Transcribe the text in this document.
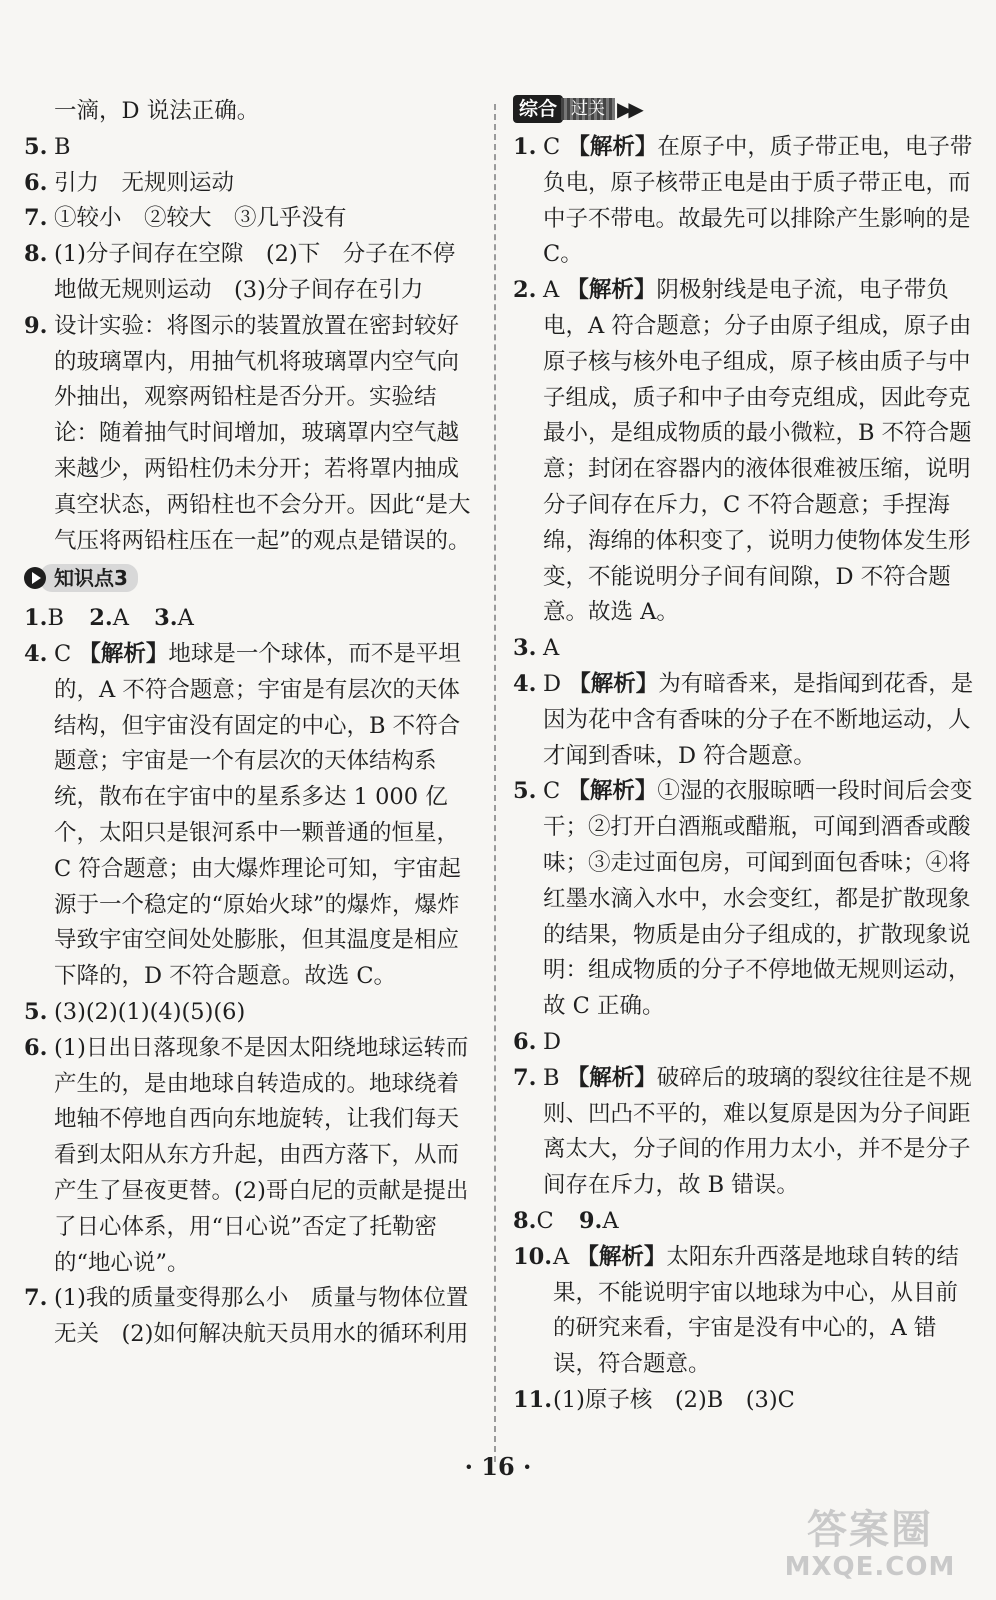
一滴，D 说法正确。
5. B
6. 引力　无规则运动
7. ①较小　②较大　③几乎没有
8. (1)分子间存在空隙　(2)下　分子在不停地做无规则运动　(3)分子间存在引力
9. 设计实验：将图示的装置放置在密封较好的玻璃罩内，用抽气机将玻璃罩内空气向外抽出，观察两铅柱是否分开。实验结论：随着抽气时间增加，玻璃罩内空气越来越少，两铅柱仍未分开；若将罩内抽成真空状态，两铅柱也不会分开。因此“是大气压将两铅柱压在一起”的观点是错误的。
知识点3
1.B 2.A 3.A
4. C 【解析】地球是一个球体，而不是平坦的，A 不符合题意；宇宙是有层次的天体结构，但宇宙没有固定的中心，B 不符合题意；宇宙是一个有层次的天体结构系统，散布在宇宙中的星系多达 1 000 亿个，太阳只是银河系中一颗普通的恒星，C 符合题意；由大爆炸理论可知，宇宙起源于一个稳定的“原始火球”的爆炸，爆炸导致宇宙空间处处膨胀，但其温度是相应下降的，D 不符合题意。故选 C。
5. (3)(2)(1)(4)(5)(6)
6. (1)日出日落现象不是因太阳绕地球运转而产生的，是由地球自转造成的。地球绕着地轴不停地自西向东地旋转，让我们每天看到太阳从东方升起，由西方落下，从而产生了昼夜更替。(2)哥白尼的贡献是提出了日心体系，用“日心说”否定了托勒密的“地心说”。
7. (1)我的质量变得那么小　质量与物体位置无关　(2)如何解决航天员用水的循环利用
综合 过关 ▶▶
1. C 【解析】在原子中，质子带正电，电子带负电，原子核带正电是由于质子带正电，而中子不带电。故最先可以排除产生影响的是 C。
2. A 【解析】阴极射线是电子流，电子带负电，A 符合题意；分子由原子组成，原子由原子核与核外电子组成，原子核由质子与中子组成，质子和中子由夸克组成，因此夸克最小，是组成物质的最小微粒，B 不符合题意；封闭在容器内的液体很难被压缩，说明分子间存在斥力，C 不符合题意；手捏海绵，海绵的体积变了，说明力使物体发生形变，不能说明分子间有间隙，D 不符合题意。故选 A。
3. A
4. D 【解析】为有暗香来，是指闻到花香，是因为花中含有香味的分子在不断地运动，人才闻到香味，D 符合题意。
5. C 【解析】①湿的衣服晾晒一段时间后会变干；②打开白酒瓶或醋瓶，可闻到酒香或酸味；③走过面包房，可闻到面包香味；④将红墨水滴入水中，水会变红，都是扩散现象的结果，物质是由分子组成的，扩散现象说明：组成物质的分子不停地做无规则运动，故 C 正确。
6. D
7. B 【解析】破碎后的玻璃的裂纹往往是不规则、凹凸不平的，难以复原是因为分子间距离太大，分子间的作用力太小，并不是分子间存在斥力，故 B 错误。
8.C 9.A
10. A 【解析】太阳东升西落是地球自转的结果，不能说明宇宙以地球为中心，从目前的研究来看，宇宙是没有中心的，A 错误，符合题意。
11. (1)原子核　(2)B　(3)C
· 16 ·
答案圈
MXQE.COM
